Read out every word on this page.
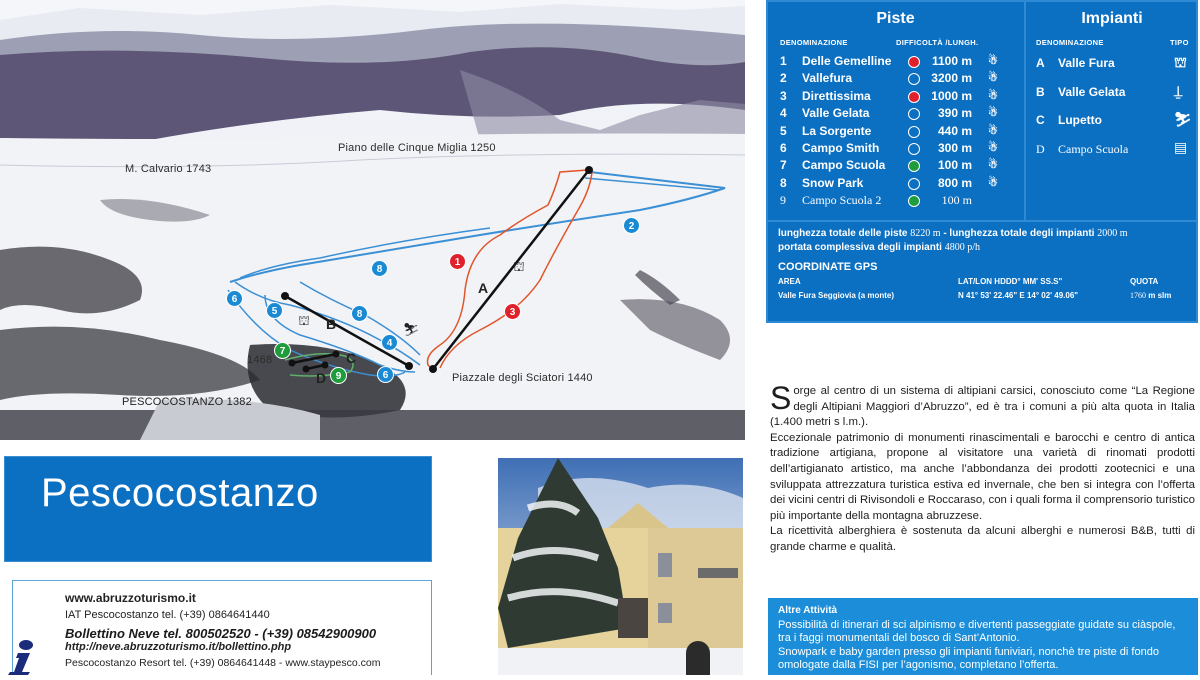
M. Calvario 1743
Piano delle Cinque Miglia 1250
Piazzale degli Sciatori 1440
PESCOCOSTANZO 1382
1468
1
2
3
4
5
6
6
7
8
8
9
A
B
C
D
⛫
⛫
⛷
Piste
DENOMINAZIONE	DIFFICOLTÀ /LUNGH.
1	Delle Gemelline	1100 m ☃
2	Vallefura	3200 m ☃
3	Direttissima	1000 m ☃
4	Valle Gelata	390 m ☃
5	La Sorgente	440 m ☃
6	Campo Smith	300 m ☃
7	Campo Scuola	100 m ☃
8	Snow Park	800 m ☃
9	Campo Scuola 2	100 m
Impianti
DENOMINAZIONE	TIPO
A Valle Fura	⛫
B Valle Gelata	⍊
C Lupetto	⛷
D Campo Scuola	▤
lunghezza totale delle piste 8220 m - lunghezza totale degli impianti 2000 m
portata complessiva degli impianti 4800 p/h
COORDINATE GPS
AREA	LAT/LON HDDD° MM' SS.S"	QUOTA
Valle Fura Seggiovia (a monte)	N 41° 53' 22.46" E 14° 02' 49.06"	1760 m slm

Sorge al centro di un sistema di altipiani carsici, conosciuto come “La Regione degli Altipiani Maggiori d’Abruzzo”, ed è tra i comuni a più alta quota in Italia (1.400 metri s l.m.).

Eccezionale patrimonio di monumenti rinascimentali e barocchi e centro di antica tradizione artigiana, propone al visitatore una varietà di rinomati prodotti dell’artigianato artistico, ma anche l’abbondanza dei prodotti zootecnici e una sviluppata attrezzatura turistica estiva ed invernale, che ben si integra con l’offerta dei vicini centri di Rivisondoli e Roccaraso, con i quali forma il comprensorio turistico più importante della montagna abruzzese.

La ricettività alberghiera è sostenuta da alcuni alberghi e numerosi B&B, tutti di grande charme e qualità.

Altre Attività
Possibilità di itinerari di sci alpinismo e divertenti passeggiate guidate su ciàspole, tra i faggi monumentali del bosco di Sant’Antonio.
Snowpark e baby garden presso gli impianti funiviari, nonchè tre piste di fondo omologate dalla FISI per l’agonismo, completano l’offerta.
Pescocostanzo
www.abruzzoturismo.it
IAT Pescocostanzo tel. (+39) 0864641440
Bollettino Neve tel. 800502520 - (+39) 08542900900
http://neve.abruzzoturismo.it/bollettino.php
Pescocostanzo Resort tel. (+39) 0864641448 - www.staypesco.com
